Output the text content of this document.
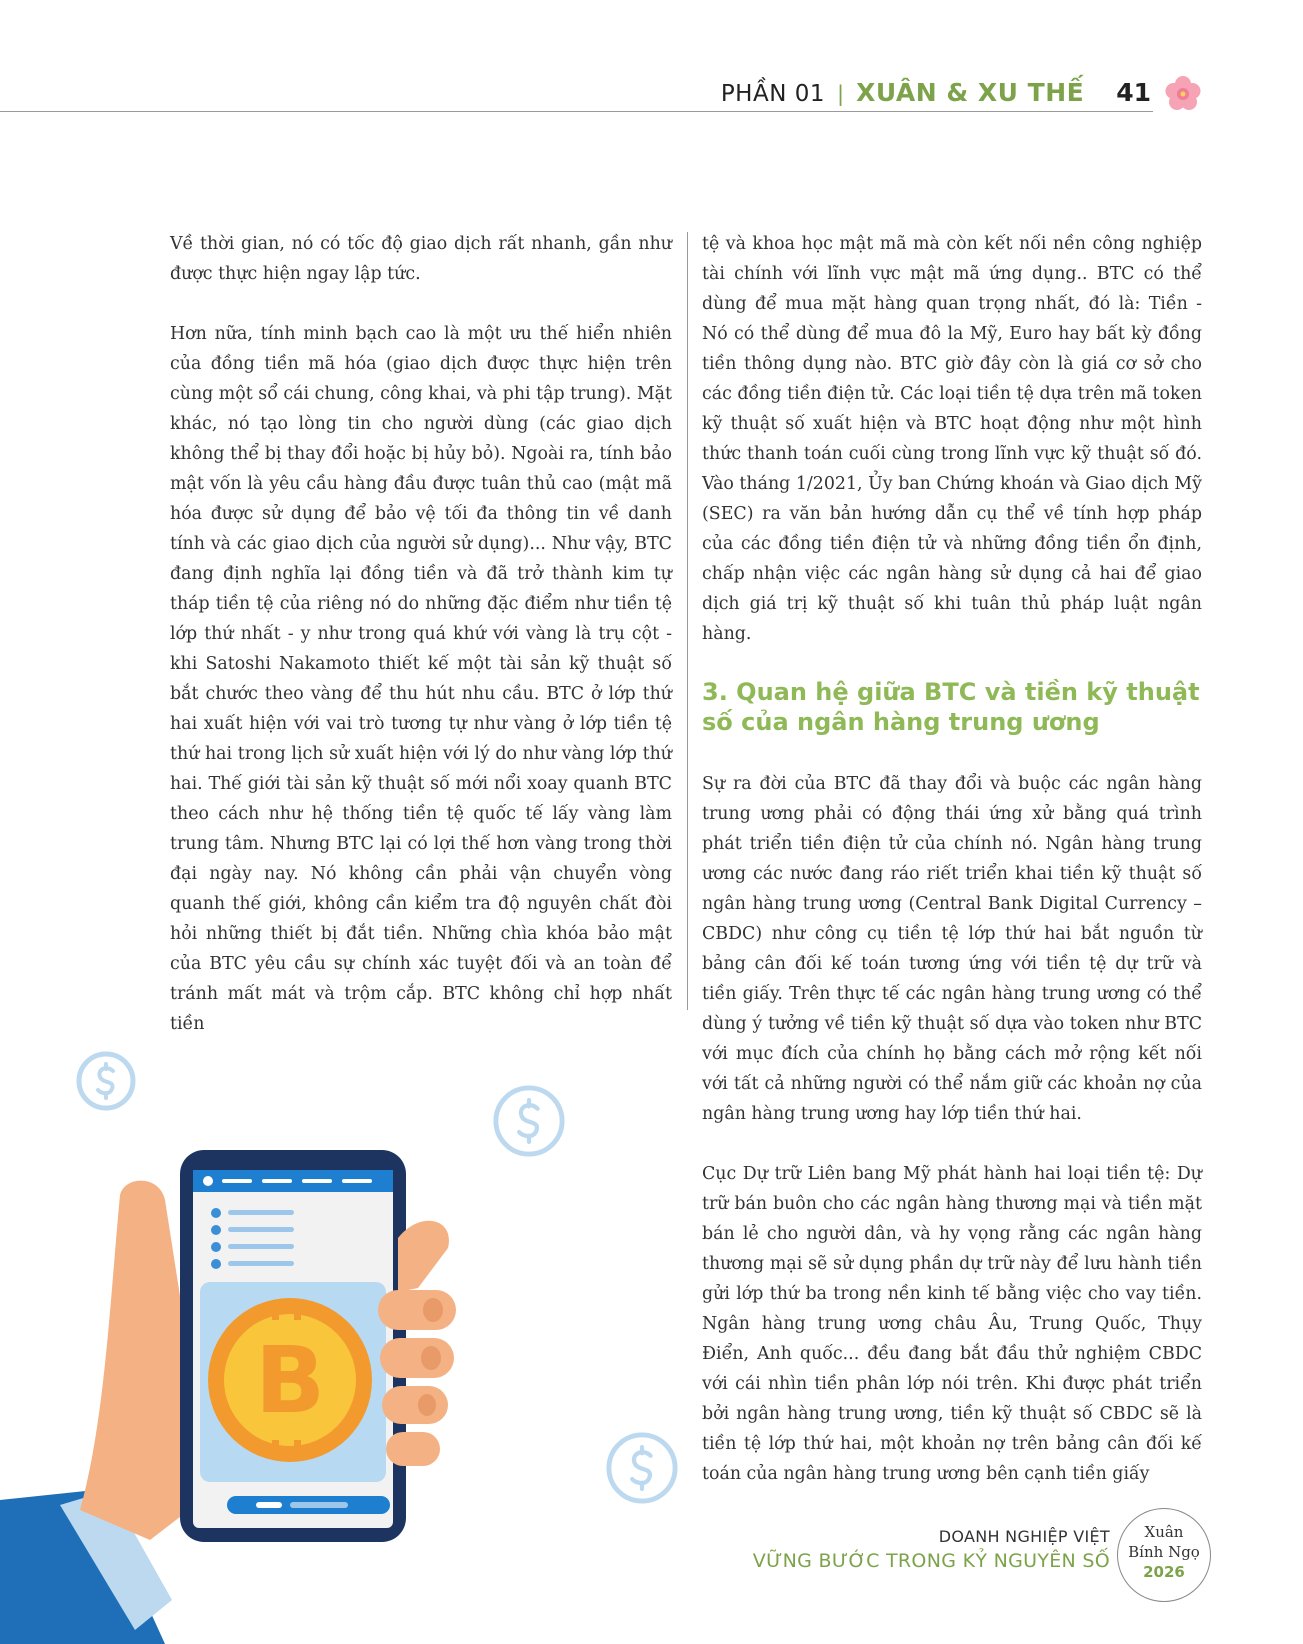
PHẦN 01 | XUÂN & XU THẾ 41

Về thời gian, nó có tốc độ giao dịch rất nhanh, gần như được thực hiện ngay lập tức.

Hơn nữa, tính minh bạch cao là một ưu thế hiển nhiên của đồng tiền mã hóa (giao dịch được thực hiện trên cùng một sổ cái chung, công khai, và phi tập trung). Mặt khác, nó tạo lòng tin cho người dùng (các giao dịch không thể bị thay đổi hoặc bị hủy bỏ). Ngoài ra, tính bảo mật vốn là yêu cầu hàng đầu được tuân thủ cao (mật mã hóa được sử dụng để bảo vệ tối đa thông tin về danh tính và các giao dịch của người sử dụng)... Như vậy, BTC đang định nghĩa lại đồng tiền và đã trở thành kim tự tháp tiền tệ của riêng nó do những đặc điểm như tiền tệ lớp thứ nhất - y như trong quá khứ với vàng là trụ cột - khi Satoshi Nakamoto thiết kế một tài sản kỹ thuật số bắt chước theo vàng để thu hút nhu cầu. BTC ở lớp thứ hai xuất hiện với vai trò tương tự như vàng ở lớp tiền tệ thứ hai trong lịch sử xuất hiện với lý do như vàng lớp thứ hai. Thế giới tài sản kỹ thuật số mới nổi xoay quanh BTC theo cách như hệ thống tiền tệ quốc tế lấy vàng làm trung tâm. Nhưng BTC lại có lợi thế hơn vàng trong thời đại ngày nay. Nó không cần phải vận chuyển vòng quanh thế giới, không cần kiểm tra độ nguyên chất đòi hỏi những thiết bị đắt tiền. Những chìa khóa bảo mật của BTC yêu cầu sự chính xác tuyệt đối và an toàn để tránh mất mát và trộm cắp. BTC không chỉ hợp nhất tiền

tệ và khoa học mật mã mà còn kết nối nền công nghiệp tài chính với lĩnh vực mật mã ứng dụng.. BTC có thể dùng để mua mặt hàng quan trọng nhất, đó là: Tiền - Nó có thể dùng để mua đô la Mỹ, Euro hay bất kỳ đồng tiền thông dụng nào. BTC giờ đây còn là giá cơ sở cho các đồng tiền điện tử. Các loại tiền tệ dựa trên mã token kỹ thuật số xuất hiện và BTC hoạt động như một hình thức thanh toán cuối cùng trong lĩnh vực kỹ thuật số đó. Vào tháng 1/2021, Ủy ban Chứng khoán và Giao dịch Mỹ (SEC) ra văn bản hướng dẫn cụ thể về tính hợp pháp của các đồng tiền điện tử và những đồng tiền ổn định, chấp nhận việc các ngân hàng sử dụng cả hai để giao dịch giá trị kỹ thuật số khi tuân thủ pháp luật ngân hàng.

3. Quan hệ giữa BTC và tiền kỹ thuật số của ngân hàng trung ương

Sự ra đời của BTC đã thay đổi và buộc các ngân hàng trung ương phải có động thái ứng xử bằng quá trình phát triển tiền điện tử của chính nó. Ngân hàng trung ương các nước đang ráo riết triển khai tiền kỹ thuật số ngân hàng trung ương (Central Bank Digital Currency – CBDC) như công cụ tiền tệ lớp thứ hai bắt nguồn từ bảng cân đối kế toán tương ứng với tiền tệ dự trữ và tiền giấy. Trên thực tế các ngân hàng trung ương có thể dùng ý tưởng về tiền kỹ thuật số dựa vào token như BTC với mục đích của chính họ bằng cách mở rộng kết nối với tất cả những người có thể nắm giữ các khoản nợ của ngân hàng trung ương hay lớp tiền thứ hai.

Cục Dự trữ Liên bang Mỹ phát hành hai loại tiền tệ: Dự trữ bán buôn cho các ngân hàng thương mại và tiền mặt bán lẻ cho người dân, và hy vọng rằng các ngân hàng thương mại sẽ sử dụng phần dự trữ này để lưu hành tiền gửi lớp thứ ba trong nền kinh tế bằng việc cho vay tiền. Ngân hàng trung ương châu Âu, Trung Quốc, Thụy Điển, Anh quốc... đều đang bắt đầu thử nghiệm CBDC với cái nhìn tiền phân lớp nói trên. Khi được phát triển bởi ngân hàng trung ương, tiền kỹ thuật số CBDC sẽ là tiền tệ lớp thứ hai, một khoản nợ trên bảng cân đối kế toán của ngân hàng trung ương bên cạnh tiền giấy

B
DOANH NGHIỆP VIỆT
VỮNG BƯỚC TRONG KỶ NGUYÊN SỐ
Xuân
Bính Ngọ
2026
